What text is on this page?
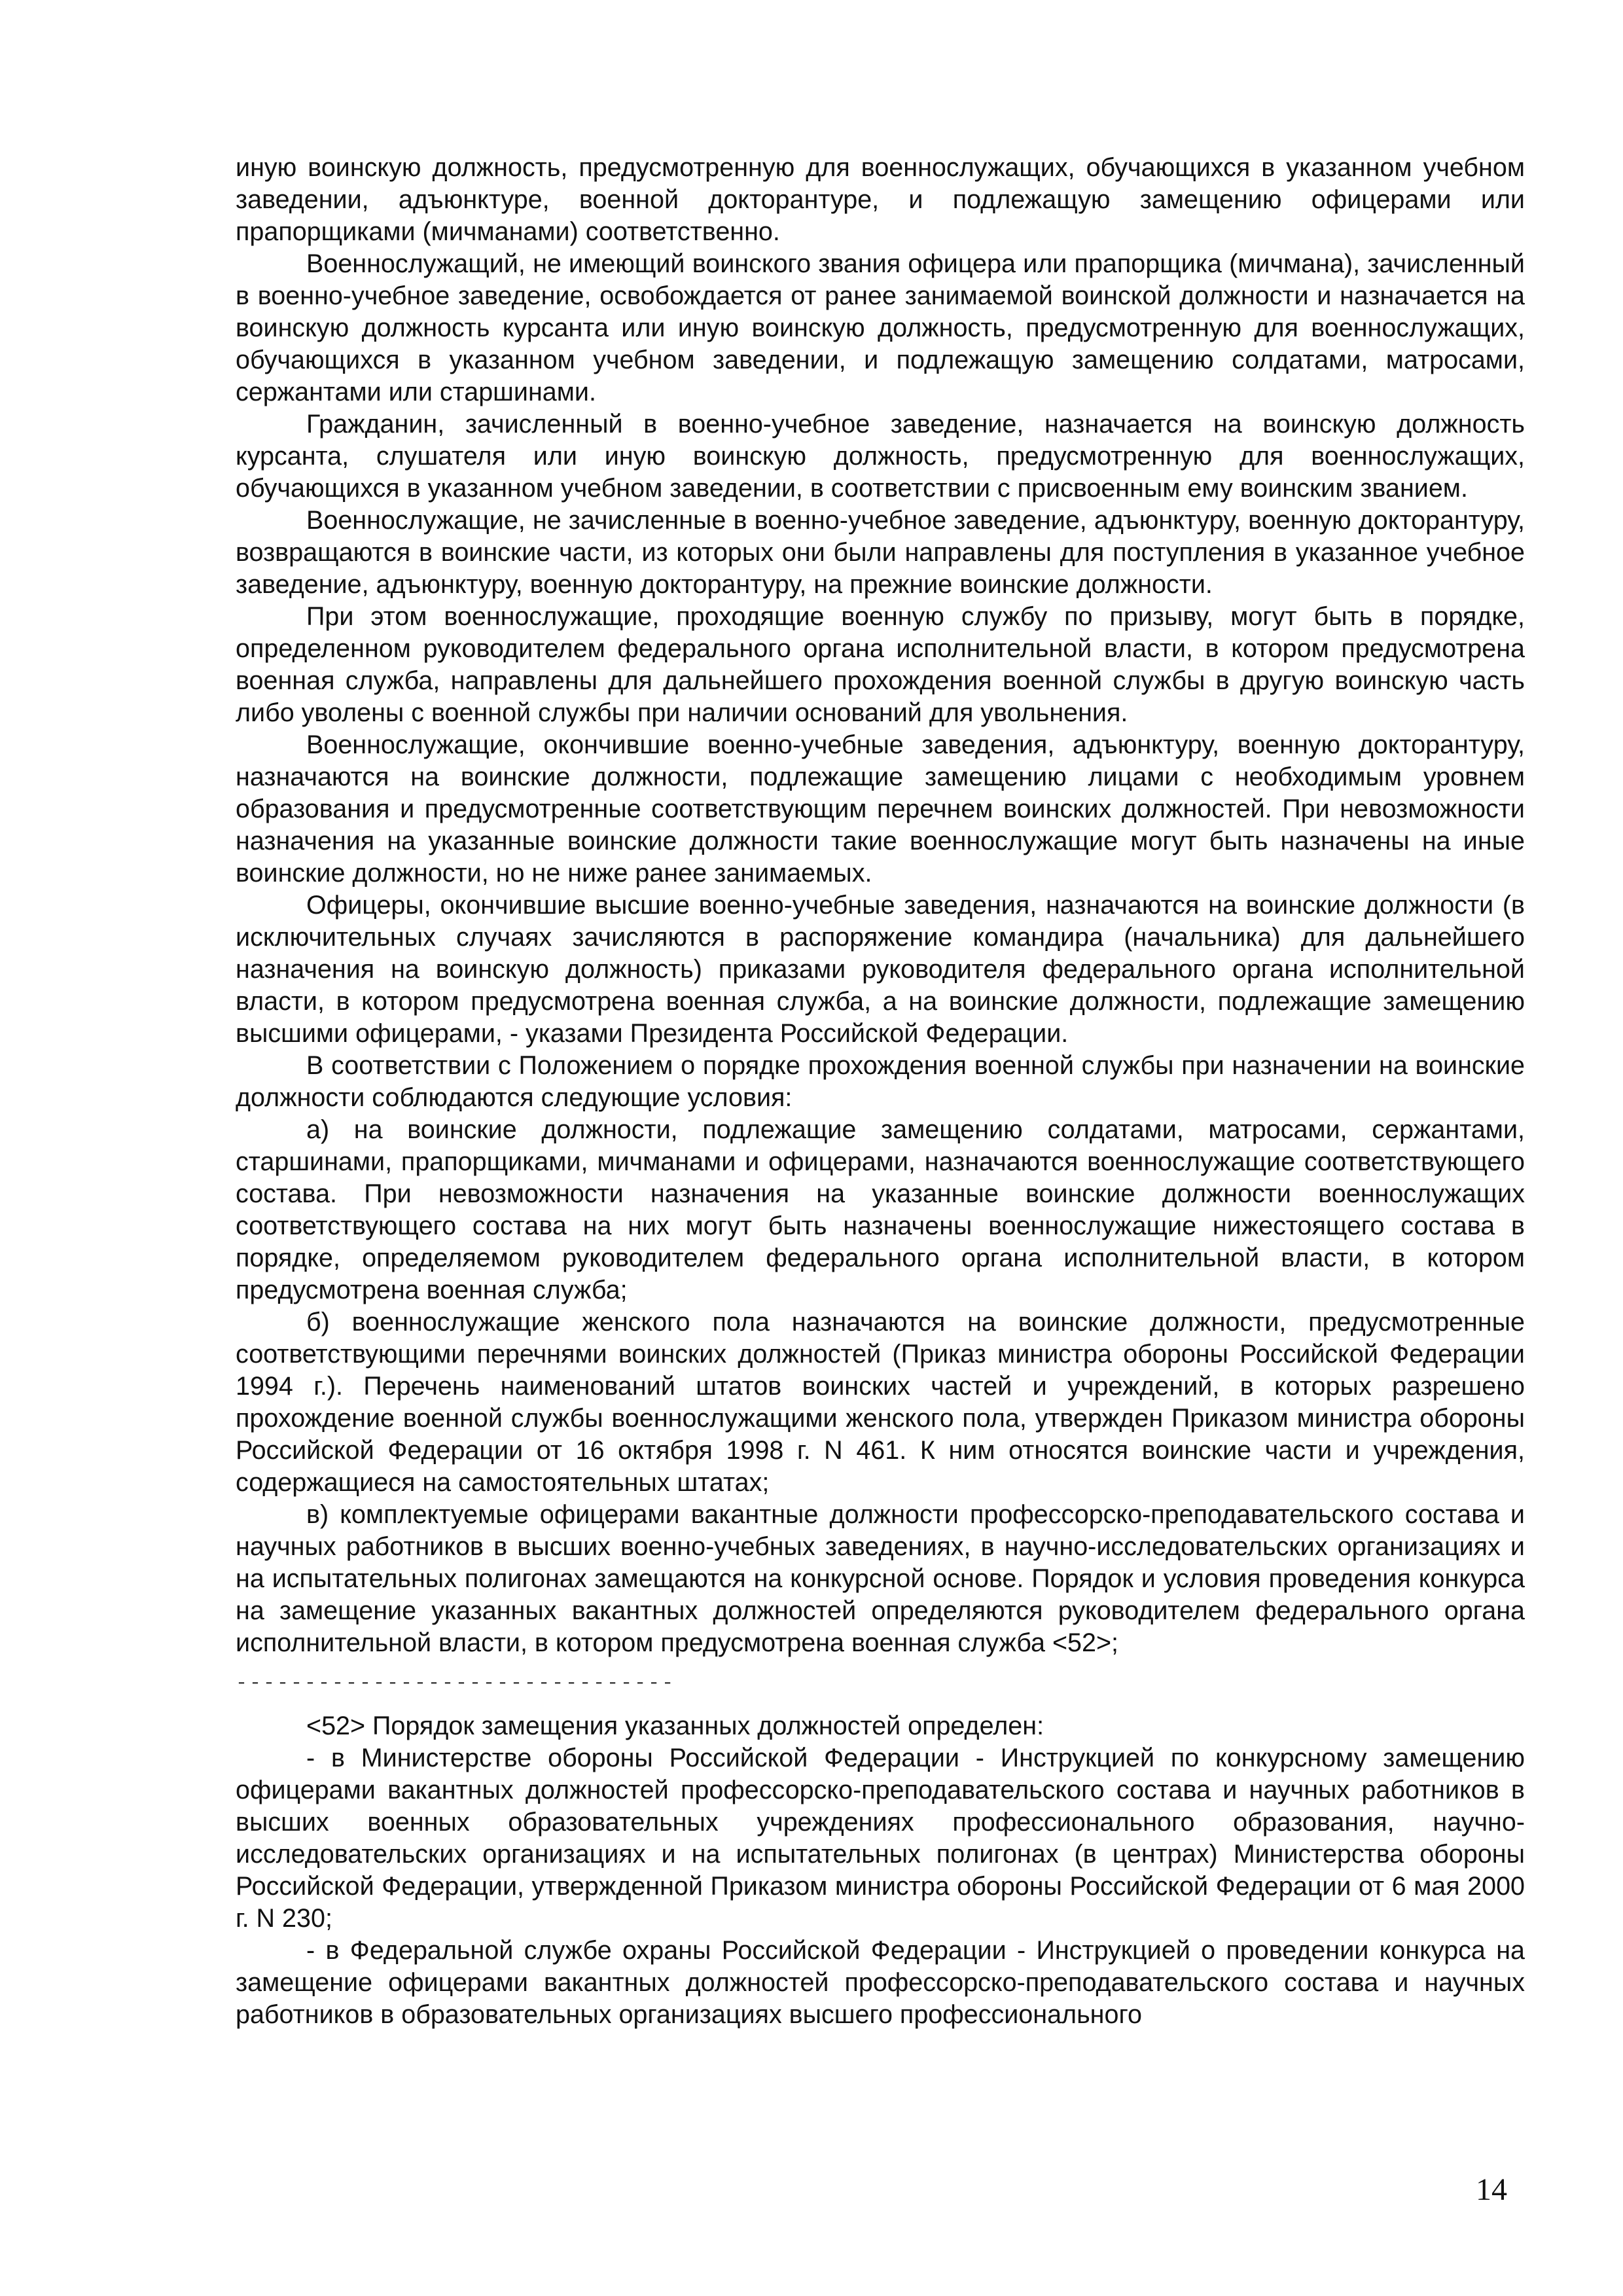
иную воинскую должность, предусмотренную для военнослужащих, обучающихся в указанном учебном заведении, адъюнктуре, военной докторантуре, и подлежащую замещению офицерами или прапорщиками (мичманами) соответственно.

Военнослужащий, не имеющий воинского звания офицера или прапорщика (мичмана), зачисленный в военно-учебное заведение, освобождается от ранее занимаемой воинской должности и назначается на воинскую должность курсанта или иную воинскую должность, предусмотренную для военнослужащих, обучающихся в указанном учебном заведении, и подлежащую замещению солдатами, матросами, сержантами или старшинами.

Гражданин, зачисленный в военно-учебное заведение, назначается на воинскую должность курсанта, слушателя или иную воинскую должность, предусмотренную для военнослужащих, обучающихся в указанном учебном заведении, в соответствии с присвоенным ему воинским званием.

Военнослужащие, не зачисленные в военно-учебное заведение, адъюнктуру, военную докторантуру, возвращаются в воинские части, из которых они были направлены для поступления в указанное учебное заведение, адъюнктуру, военную докторантуру, на прежние воинские должности.

При этом военнослужащие, проходящие военную службу по призыву, могут быть в порядке, определенном руководителем федерального органа исполнительной власти, в котором предусмотрена военная служба, направлены для дальнейшего прохождения военной службы в другую воинскую часть либо уволены с военной службы при наличии оснований для увольнения.

Военнослужащие, окончившие военно-учебные заведения, адъюнктуру, военную докторантуру, назначаются на воинские должности, подлежащие замещению лицами с необходимым уровнем образования и предусмотренные соответствующим перечнем воинских должностей. При невозможности назначения на указанные воинские должности такие военнослужащие могут быть назначены на иные воинские должности, но не ниже ранее занимаемых.

Офицеры, окончившие высшие военно-учебные заведения, назначаются на воинские должности (в исключительных случаях зачисляются в распоряжение командира (начальника) для дальнейшего назначения на воинскую должность) приказами руководителя федерального органа исполнительной власти, в котором предусмотрена военная служба, а на воинские должности, подлежащие замещению высшими офицерами, - указами Президента Российской Федерации.

В соответствии с Положением о порядке прохождения военной службы при назначении на воинские должности соблюдаются следующие условия:

а) на воинские должности, подлежащие замещению солдатами, матросами, сержантами, старшинами, прапорщиками, мичманами и офицерами, назначаются военнослужащие соответствующего состава. При невозможности назначения на указанные воинские должности военнослужащих соответствующего состава на них могут быть назначены военнослужащие нижестоящего состава в порядке, определяемом руководителем федерального органа исполнительной власти, в котором предусмотрена военная служба;

б) военнослужащие женского пола назначаются на воинские должности, предусмотренные соответствующими перечнями воинских должностей (Приказ министра обороны Российской Федерации 1994 г.). Перечень наименований штатов воинских частей и учреждений, в которых разрешено прохождение военной службы военнослужащими женского пола, утвержден Приказом министра обороны Российской Федерации от 16 октября 1998 г. N 461. К ним относятся воинские части и учреждения, содержащиеся на самостоятельных штатах;

в) комплектуемые офицерами вакантные должности профессорско-преподавательского состава и научных работников в высших военно-учебных заведениях, в научно-исследовательских организациях и на испытательных полигонах замещаются на конкурсной основе. Порядок и условия проведения конкурса на замещение указанных вакантных должностей определяются руководителем федерального органа исполнительной власти, в котором предусмотрена военная служба <52>;

--------------------------------

<52> Порядок замещения указанных должностей определен:

- в Министерстве обороны Российской Федерации - Инструкцией по конкурсному замещению офицерами вакантных должностей профессорско-преподавательского состава и научных работников в высших военных образовательных учреждениях профессионального образования, научно-исследовательских организациях и на испытательных полигонах (в центрах) Министерства обороны Российской Федерации, утвержденной Приказом министра обороны Российской Федерации от 6 мая 2000 г. N 230;

- в Федеральной службе охраны Российской Федерации - Инструкцией о проведении конкурса на замещение офицерами вакантных должностей профессорско-преподавательского состава и научных работников в образовательных организациях высшего профессионального

14
